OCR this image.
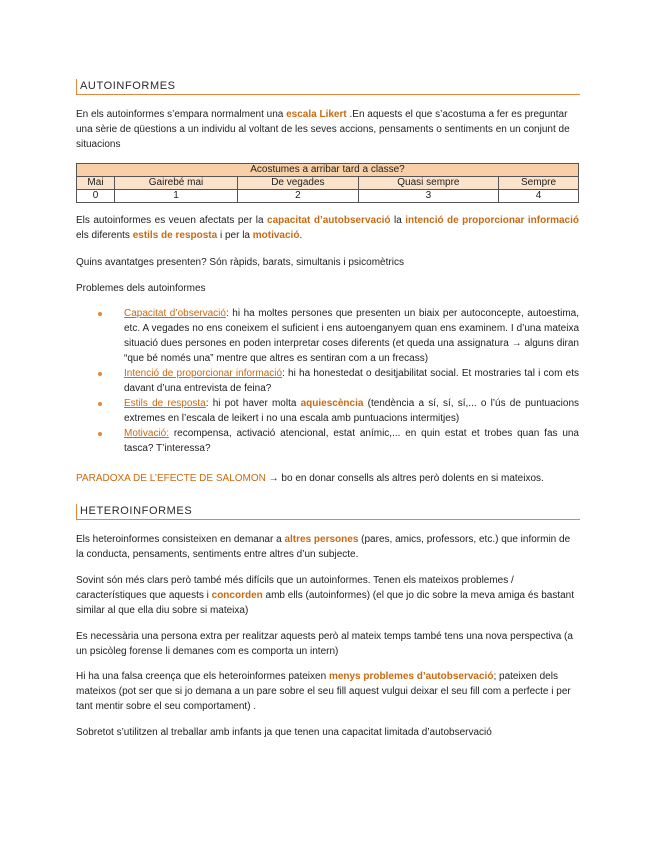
AUTOINFORMES

En els autoinformes s’empara normalment una escala Likert .En aquests el que s’acostuma a fer es preguntar una sèrie de qüestions a un individu al voltant de les seves accions, pensaments o sentiments en un conjunt de situacions

Acostumes a arribar tard a classe?				
Mai	Gairebé mai	De vegades	Quasi sempre	Sempre
0	1	2	3	4

Els autoinformes es veuen afectats per la capacitat d’autobservació la intenció de proporcionar informació els diferents estils de resposta i per la motivació.

Quins avantatges presenten? Són ràpids, barats, simultanis i psicomètrics

Problemes dels autoinformes

Capacitat d’observació: hi ha moltes persones que presenten un biaix per autoconcepte, autoestima, etc. A vegades no ens coneixem el suficient i ens autoenganyem quan ens examinem. I d’una mateixa situació dues persones en poden interpretar coses diferents (et queda una assignatura → alguns diran “que bé només una” mentre que altres es sentiran com a un frecass)
Intenció de proporcionar informació: hi ha honestedat o desitjabilitat social. Et mostraries tal i com ets davant d’una entrevista de feina?
Estils de resposta: hi pot haver molta aquiescència (tendència a sí, sí, sí,... o l’ús de puntuacions extremes en l’escala de leikert i no una escala amb puntuacions intermitjes)
Motivació: recompensa, activació atencional, estat anímic,... en quin estat et trobes quan fas una tasca? T’interessa?

PARADOXA DE L’EFECTE DE SALOMON → bo en donar consells als altres però dolents en si mateixos.

HETEROINFORMES

Els heteroinformes consisteixen en demanar a altres persones (pares, amics, professors, etc.) que informin de la conducta, pensaments, sentiments entre altres d’un subjecte.

Sovint són més clars però també més difícils que un autoinformes. Tenen els mateixos problemes / característiques que aquests i concorden amb ells (autoinformes) (el que jo dic sobre la meva amiga és bastant similar al que ella diu sobre si mateixa)

Es necessària una persona extra per realitzar aquests però al mateix temps també tens una nova perspectiva (a un psicòleg forense li demanes com es comporta un intern)

Hi ha una falsa creença que els heteroinformes pateixen menys problemes d’autobservació; pateixen dels mateixos (pot ser que si jo demana a un pare sobre el seu fill aquest vulgui deixar el seu fill com a perfecte i per tant mentir sobre el seu comportament) .

Sobretot s’utilitzen al treballar amb infants ja que tenen una capacitat limitada d’autobservació
